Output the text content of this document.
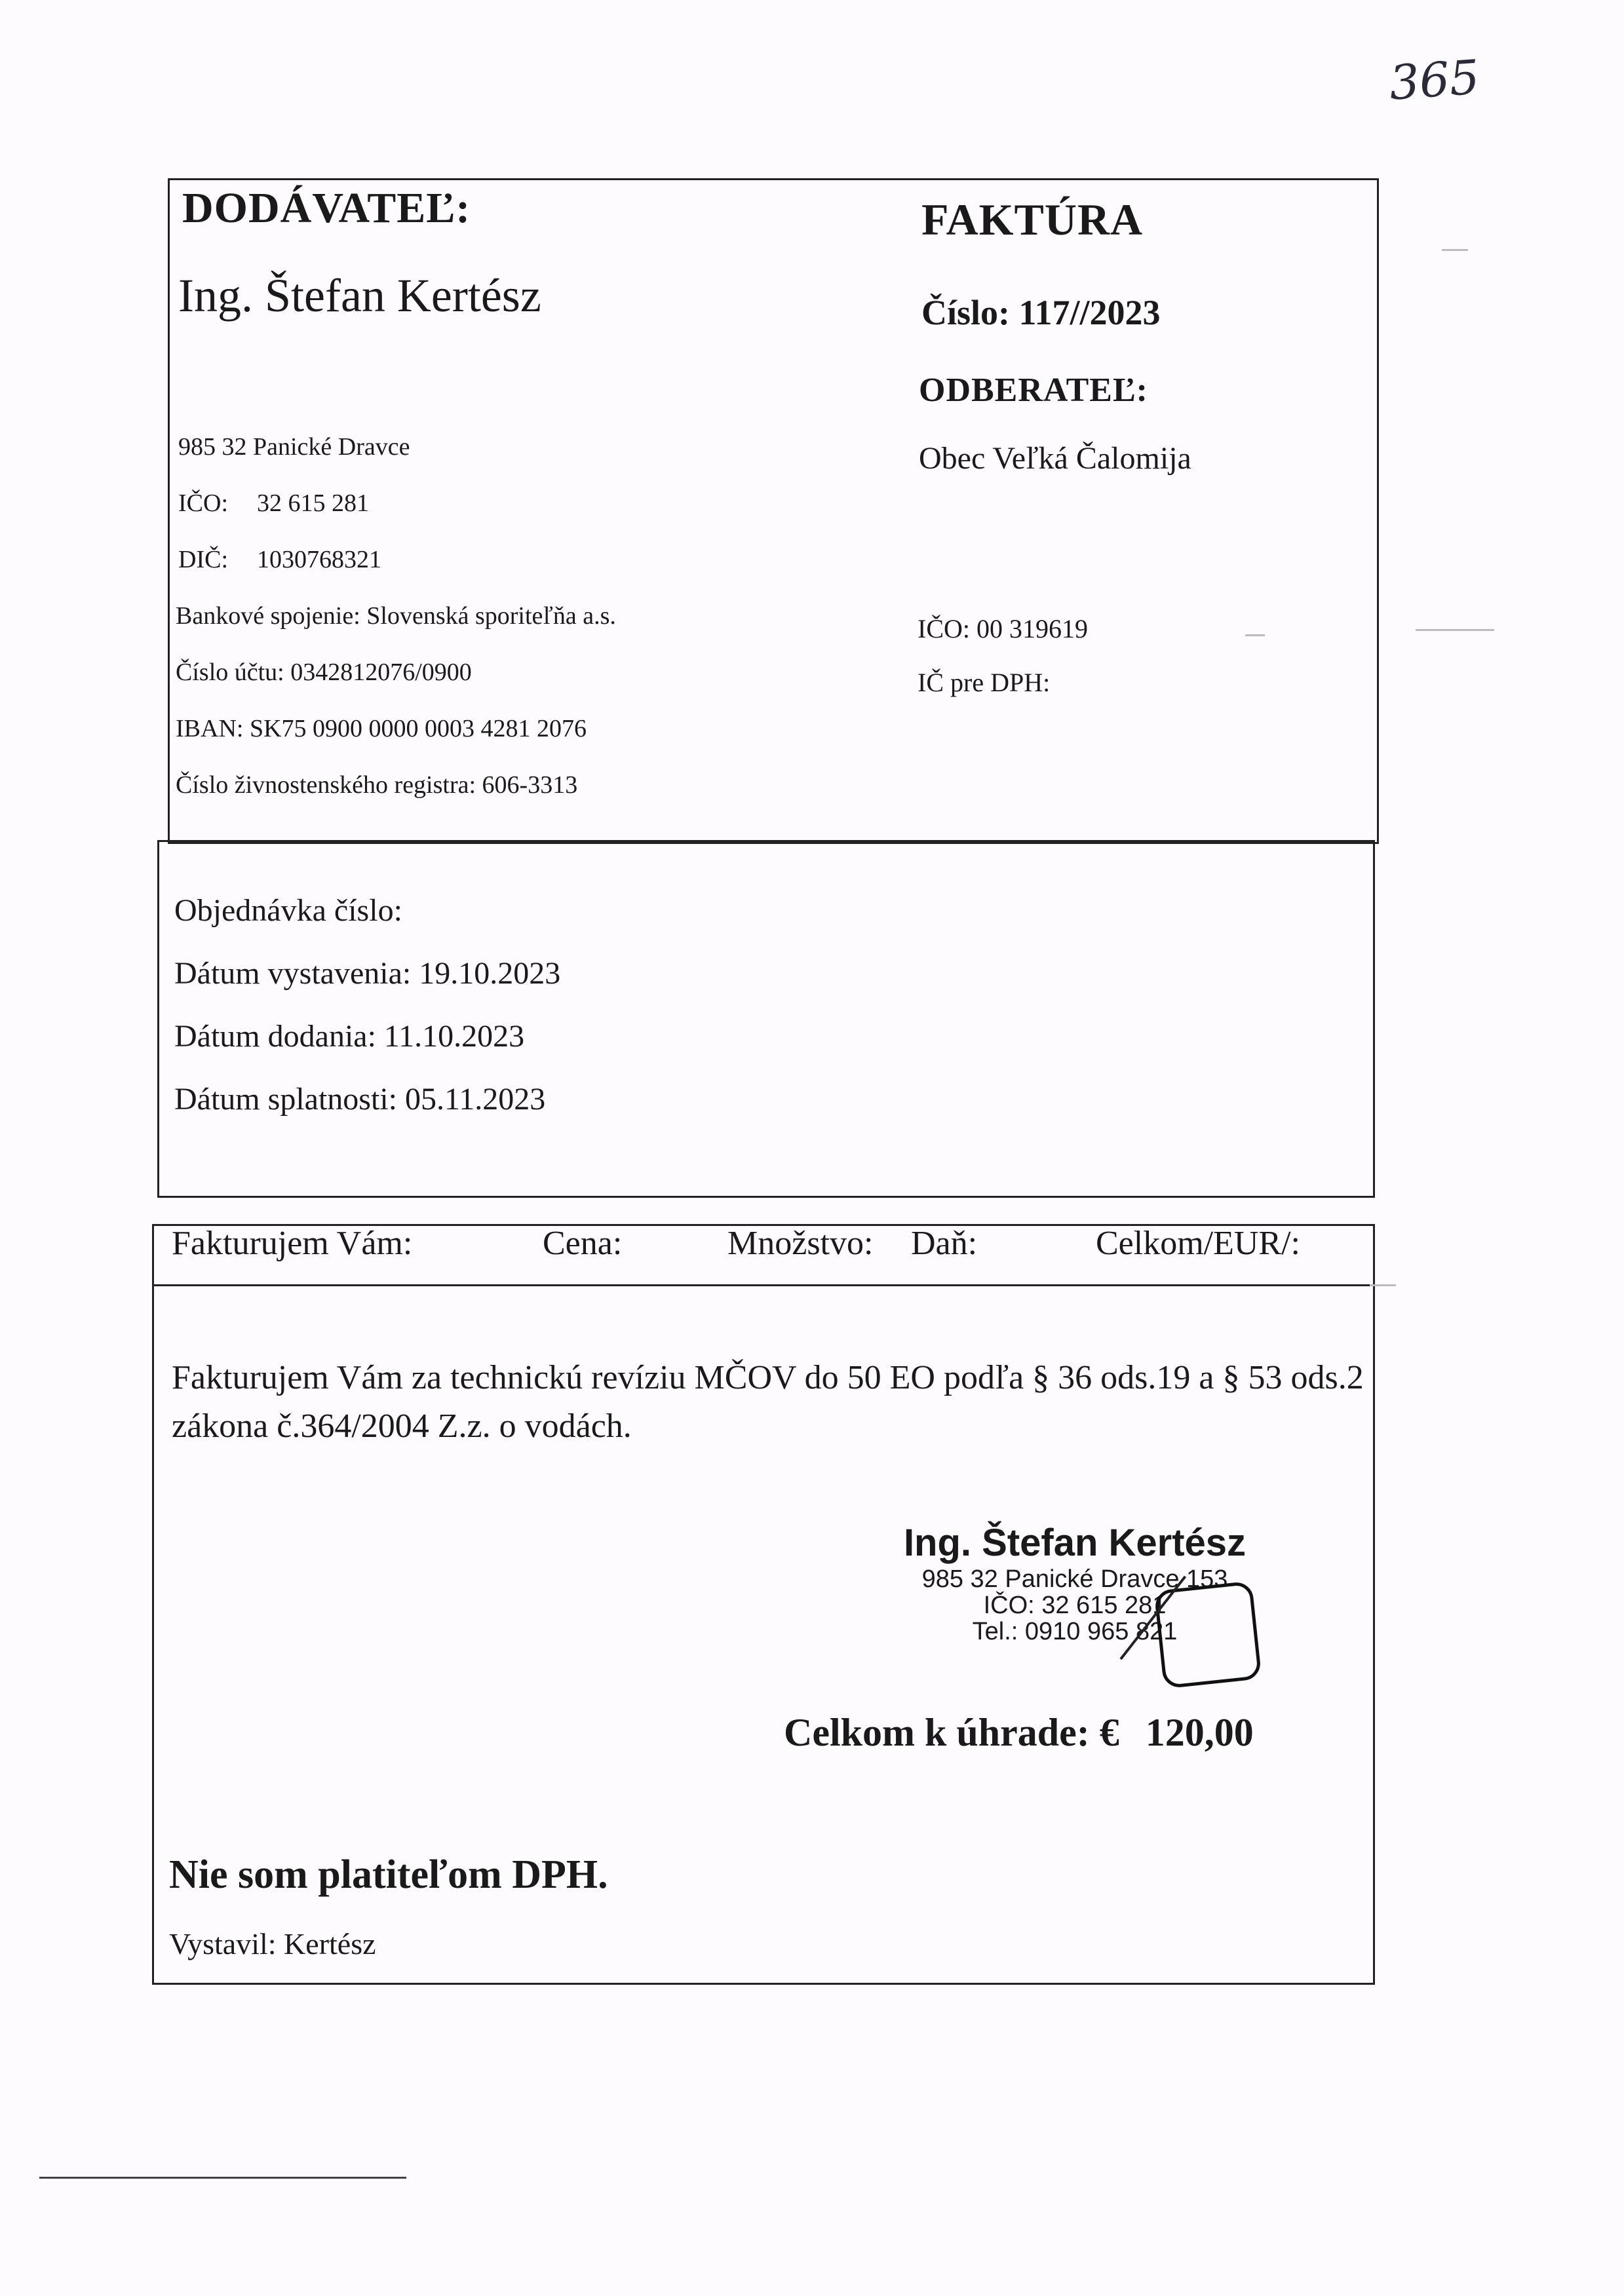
365
DODÁVATEĽ:
Ing. Štefan Kertész
985 32 Panické Dravce
IČO: 32 615 281
DIČ: 1030768321
Bankové spojenie: Slovenská sporiteľňa a.s.
Číslo účtu: 0342812076/0900
IBAN: SK75 0900 0000 0003 4281 2076
Číslo živnostenského registra: 606-3313
FAKTÚRA
Číslo: 117//2023
ODBERATEĽ:
Obec Veľká Čalomija
IČO: 00 319619
IČ pre DPH:
Objednávka číslo:
Dátum vystavenia: 19.10.2023
Dátum dodania: 11.10.2023
Dátum splatnosti: 05.11.2023
Fakturujem Vám:	Cena:	Množstvo: Daň:	Celkom/EUR/:
Fakturujem Vám za technickú revíziu MČOV do 50 EO podľa § 36 ods.19 a § 53 ods.2 zákona č.364/2004 Z.z. o vodách.
Ing. Štefan Kertész
985 32 Panické Dravce 153
IČO: 32 615 281
Tel.: 0910 965 821
Celkom k úhrade: € 120,00
Nie som platiteľom DPH.
Vystavil: Kertész
